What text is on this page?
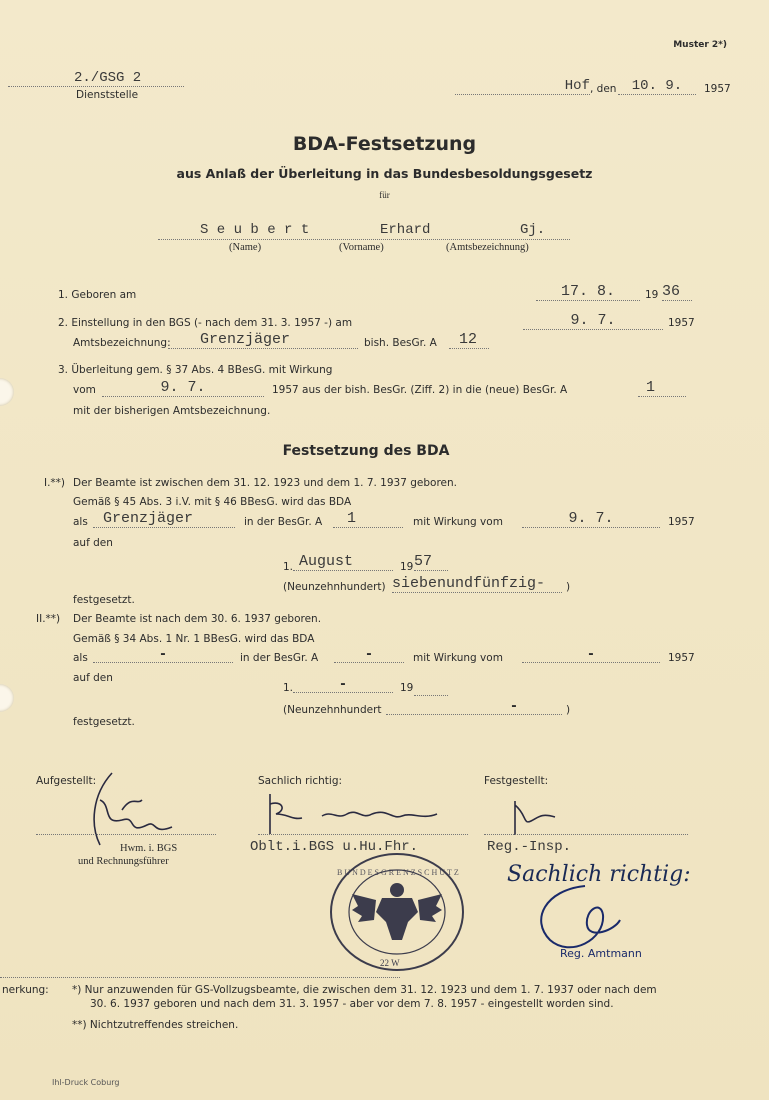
Muster 2*)
2./GSG 2
Dienststelle
Hof , den	10. 9.	1957
BDA-Festsetzung
aus Anlaß der Überleitung in das Bundesbesoldungsgesetz
für
S e u b e r t	Erhard	Gj.
(Name)	(Vorname)	(Amtsbezeichnung)
1. Geboren am	17. 8.	19 36
2. Einstellung in den BGS (- nach dem 31. 3. 1957 -) am	9. 7.	1957
Amtsbezeichnung:	Grenzjäger	bish. BesGr. A	12
3. Überleitung gem. § 37 Abs. 4 BBesG. mit Wirkung
vom	9. 7.	1957 aus der bish. BesGr. (Ziff. 2) in die (neue) BesGr. A	1
mit der bisherigen Amtsbezeichnung.
Festsetzung des BDA
I.**) Der Beamte ist zwischen dem 31. 12. 1923 und dem 1. 7. 1937 geboren.
Gemäß § 45 Abs. 3 i.V. mit § 46 BBesG. wird das BDA
als	Grenzjäger	in der BesGr. A	1	mit Wirkung vom	9. 7.	1957
auf den
1. August	19 57
(Neunzehnhundert) siebenundfünfzig-	)
festgesetzt.
II.**) Der Beamte ist nach dem 30. 6. 1937 geboren.
Gemäß § 34 Abs. 1 Nr. 1 BBesG. wird das BDA
als	-	in der BesGr. A	-	mit Wirkung vom	-	1957
auf den
1.	-	19
(Neunzehnhundert	-	)
festgesetzt.
Aufgestellt:	Sachlich richtig:	Festgestellt:
Hwm. i. BGS
und Rechnungsführer
Oblt.i.BGS u.Hu.Fhr.	Reg.-Insp.
BUNDESGRENZSCHUTZ
22 W
Sachlich richtig:
Reg. Amtmann
nerkung: *) Nur anzuwenden für GS-Vollzugsbeamte, die zwischen dem 31. 12. 1923 und dem 1. 7. 1937 oder nach dem
30. 6. 1937 geboren und nach dem 31. 3. 1957 - aber vor dem 7. 8. 1957 - eingestellt worden sind.
**) Nichtzutreffendes streichen.
Ihl-Druck Coburg
